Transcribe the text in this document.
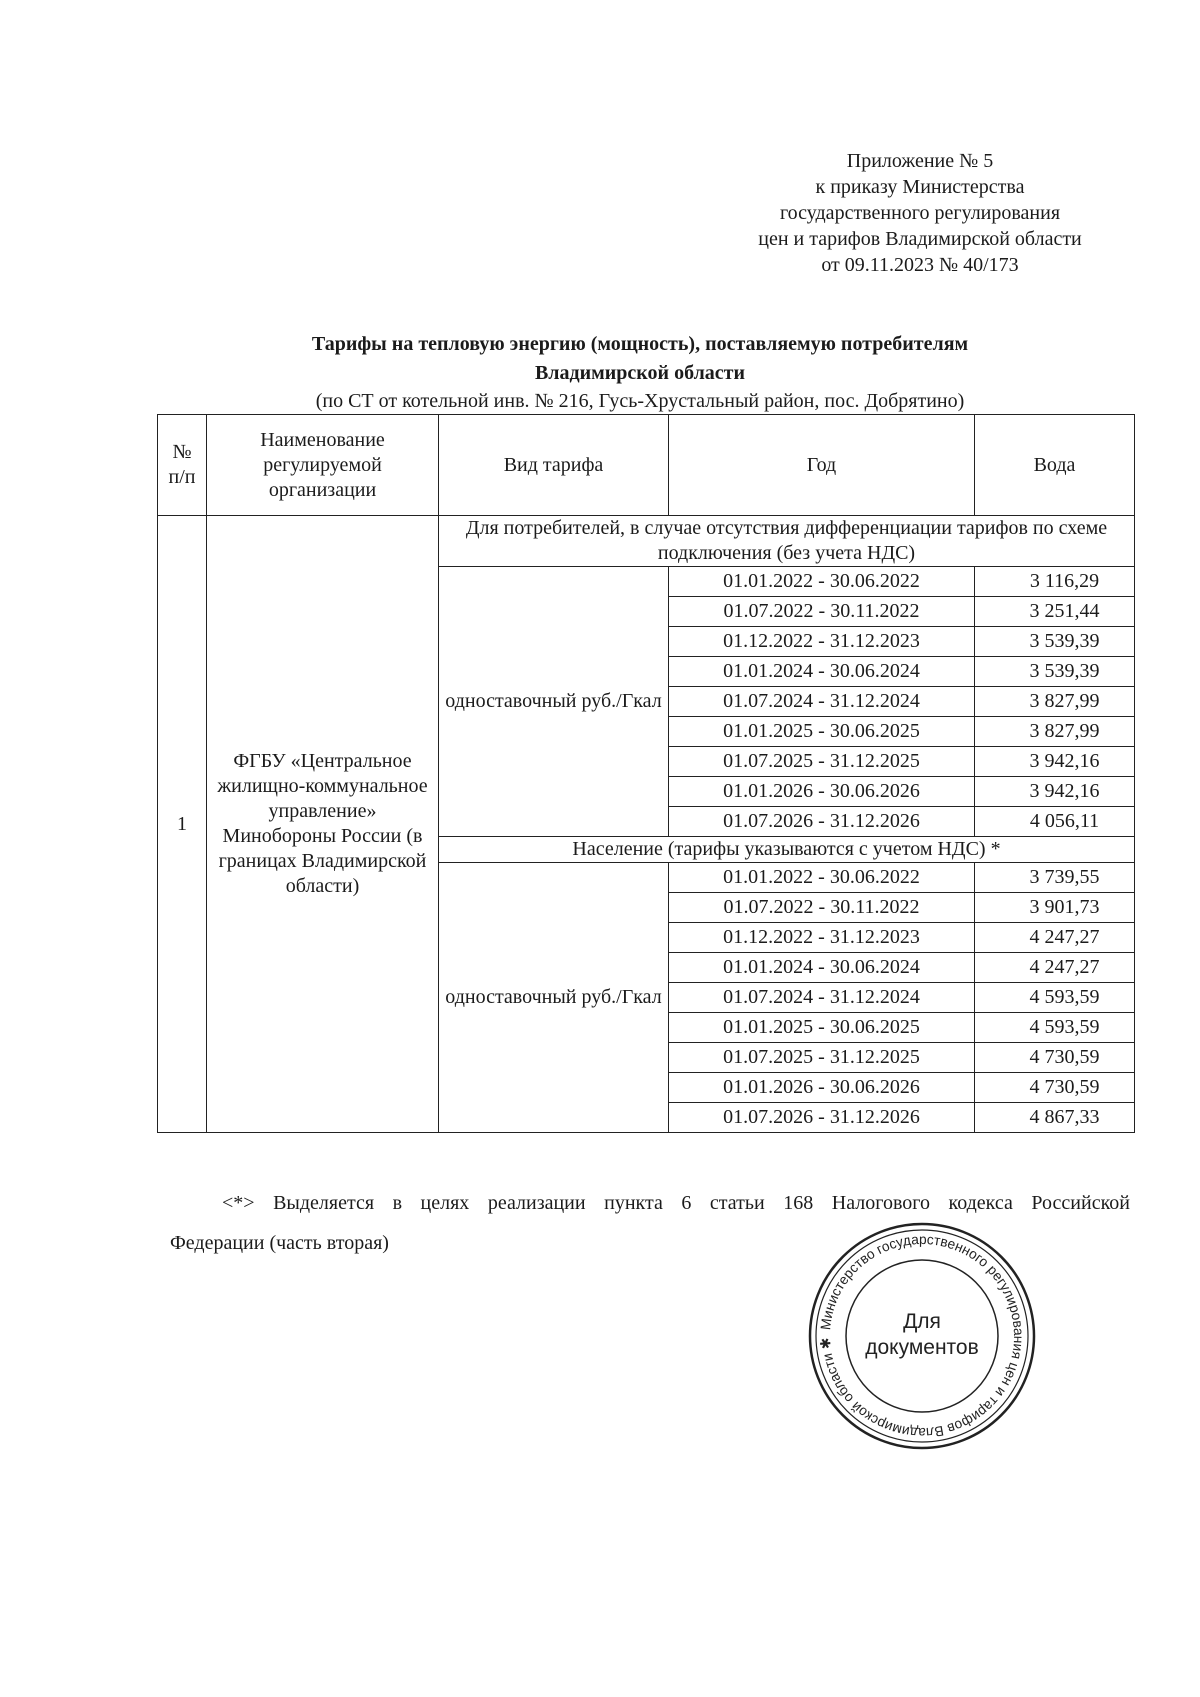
Приложение № 5
к приказу Министерства
государственного регулирования
цен и тарифов Владимирской области
от 09.11.2023 № 40/173
Тарифы на тепловую энергию (мощность), поставляемую потребителям
Владимирской области
(по СТ от котельной инв. № 216, Гусь-Хрустальный район, пос. Добрятино)
№ п/п	Наименование регулируемой организации	Вид тарифа	Год	Вода
1	ФГБУ «Центральное жилищно-коммунальное управление» Минобороны России (в границах Владимирской области)	Для потребителей, в случае отсутствия дифференциации тарифов по схеме подключения (без учета НДС)		
		одноставочный руб./Гкал	01.01.2022 - 30.06.2022	3 116,29
			01.07.2022 - 30.11.2022	3 251,44
			01.12.2022 - 31.12.2023	3 539,39
			01.01.2024 - 30.06.2024	3 539,39
			01.07.2024 - 31.12.2024	3 827,99
			01.01.2025 - 30.06.2025	3 827,99
			01.07.2025 - 31.12.2025	3 942,16
			01.01.2026 - 30.06.2026	3 942,16
			01.07.2026 - 31.12.2026	4 056,11
		Население (тарифы указываются с учетом НДС) *		
		одноставочный руб./Гкал	01.01.2022 - 30.06.2022	3 739,55
			01.07.2022 - 30.11.2022	3 901,73
			01.12.2022 - 31.12.2023	4 247,27
			01.01.2024 - 30.06.2024	4 247,27
			01.07.2024 - 31.12.2024	4 593,59
			01.01.2025 - 30.06.2025	4 593,59
			01.07.2025 - 31.12.2025	4 730,59
			01.01.2026 - 30.06.2026	4 730,59
			01.07.2026 - 31.12.2026	4 867,33
<*> Выделяется в целях реализации пункта 6 статьи 168 Налогового кодекса Российской
Федерации (часть вторая)
Министерство государственного регулирования цен и тарифов Владимирской области ✱
Для
документов
